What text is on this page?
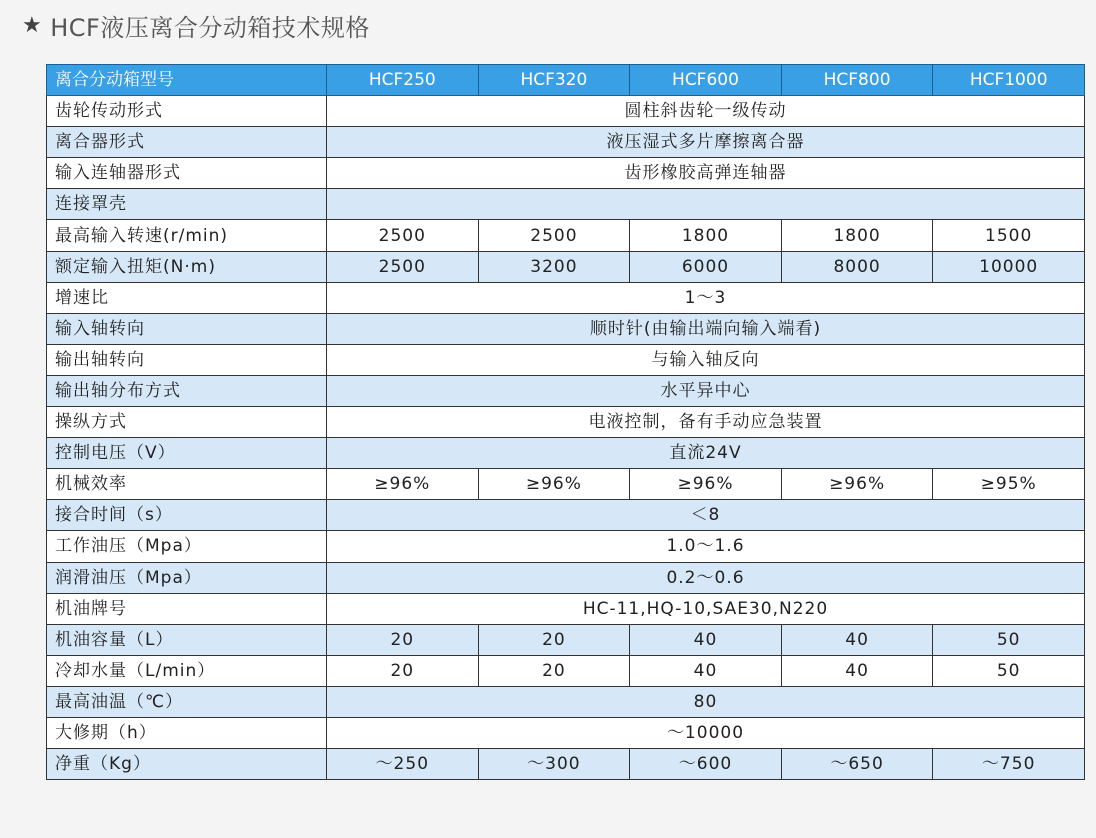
★ HCF液压离合分动箱技术规格
离合分动箱型号	HCF250	HCF320	HCF600	HCF800	HCF1000
齿轮传动形式	圆柱斜齿轮一级传动				
离合器形式	液压湿式多片摩擦离合器				
输入连轴器形式	齿形橡胶高弹连轴器				
连接罩壳					
最高输入转速(r/min)	2500	2500	1800	1800	1500
额定输入扭矩(N·m)	2500	3200	6000	8000	10000
增速比	1～3				
输入轴转向	顺时针(由输出端向输入端看)				
输出轴转向	与输入轴反向				
输出轴分布方式	水平异中心				
操纵方式	电液控制，备有手动应急装置				
控制电压（V）	直流24V				
机械效率	≥96%	≥96%	≥96%	≥96%	≥95%
接合时间（s）	＜8				
工作油压（Mpa）	1.0～1.6				
润滑油压（Mpa）	0.2～0.6				
机油牌号	HC-11,HQ-10,SAE30,N220				
机油容量（L）	20	20	40	40	50
冷却水量（L/min）	20	20	40	40	50
最高油温（℃）	80				
大修期（h）	～10000				
净重（Kg）	～250	～300	～600	～650	～750
